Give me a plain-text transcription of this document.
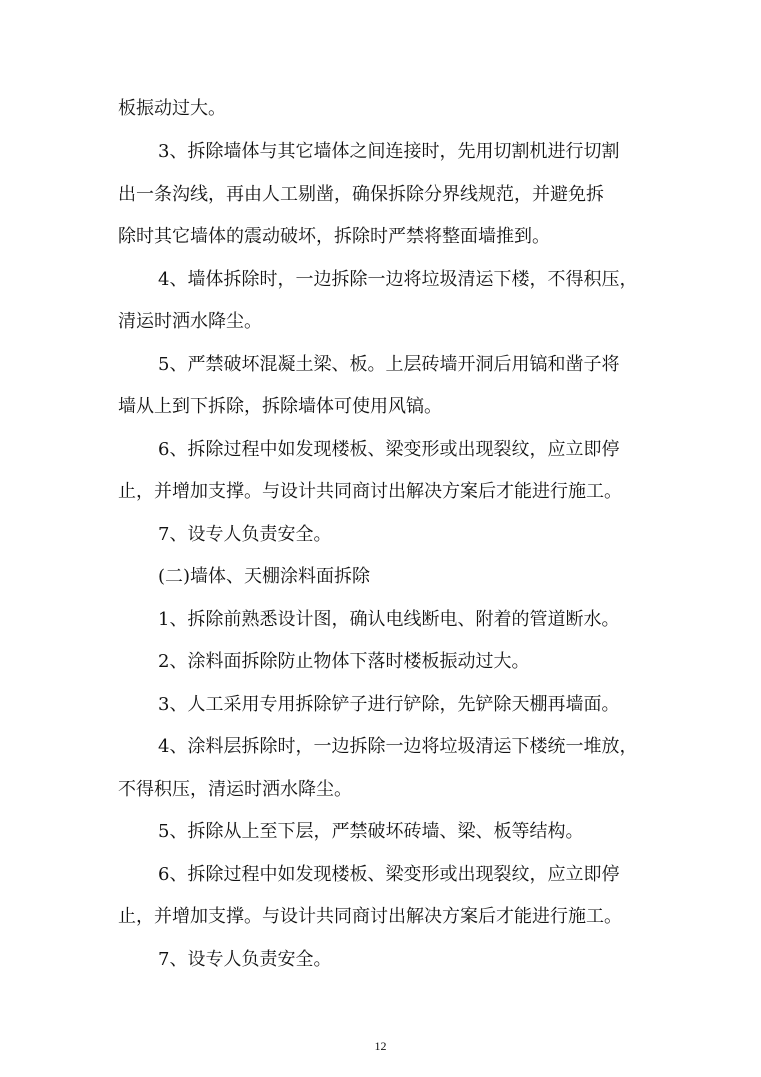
板振动过大。
3、拆除墙体与其它墙体之间连接时，先用切割机进行切割
出一条沟线，再由人工剔凿，确保拆除分界线规范，并避免拆
除时其它墙体的震动破坏，拆除时严禁将整面墙推到。
4、墙体拆除时，一边拆除一边将垃圾清运下楼，不得积压，
清运时洒水降尘。
5、严禁破坏混凝土梁、板。上层砖墙开洞后用镐和凿子将
墙从上到下拆除，拆除墙体可使用风镐。
6、拆除过程中如发现楼板、梁变形或出现裂纹，应立即停
止，并增加支撑。与设计共同商讨出解决方案后才能进行施工。
7、设专人负责安全。
(二)墙体、天棚涂料面拆除
1、拆除前熟悉设计图，确认电线断电、附着的管道断水。
2、涂料面拆除防止物体下落时楼板振动过大。
3、人工采用专用拆除铲子进行铲除，先铲除天棚再墙面。
4、涂料层拆除时，一边拆除一边将垃圾清运下楼统一堆放，
不得积压，清运时洒水降尘。
5、拆除从上至下层，严禁破坏砖墙、梁、板等结构。
6、拆除过程中如发现楼板、梁变形或出现裂纹，应立即停
止，并增加支撑。与设计共同商讨出解决方案后才能进行施工。
7、设专人负责安全。
12
